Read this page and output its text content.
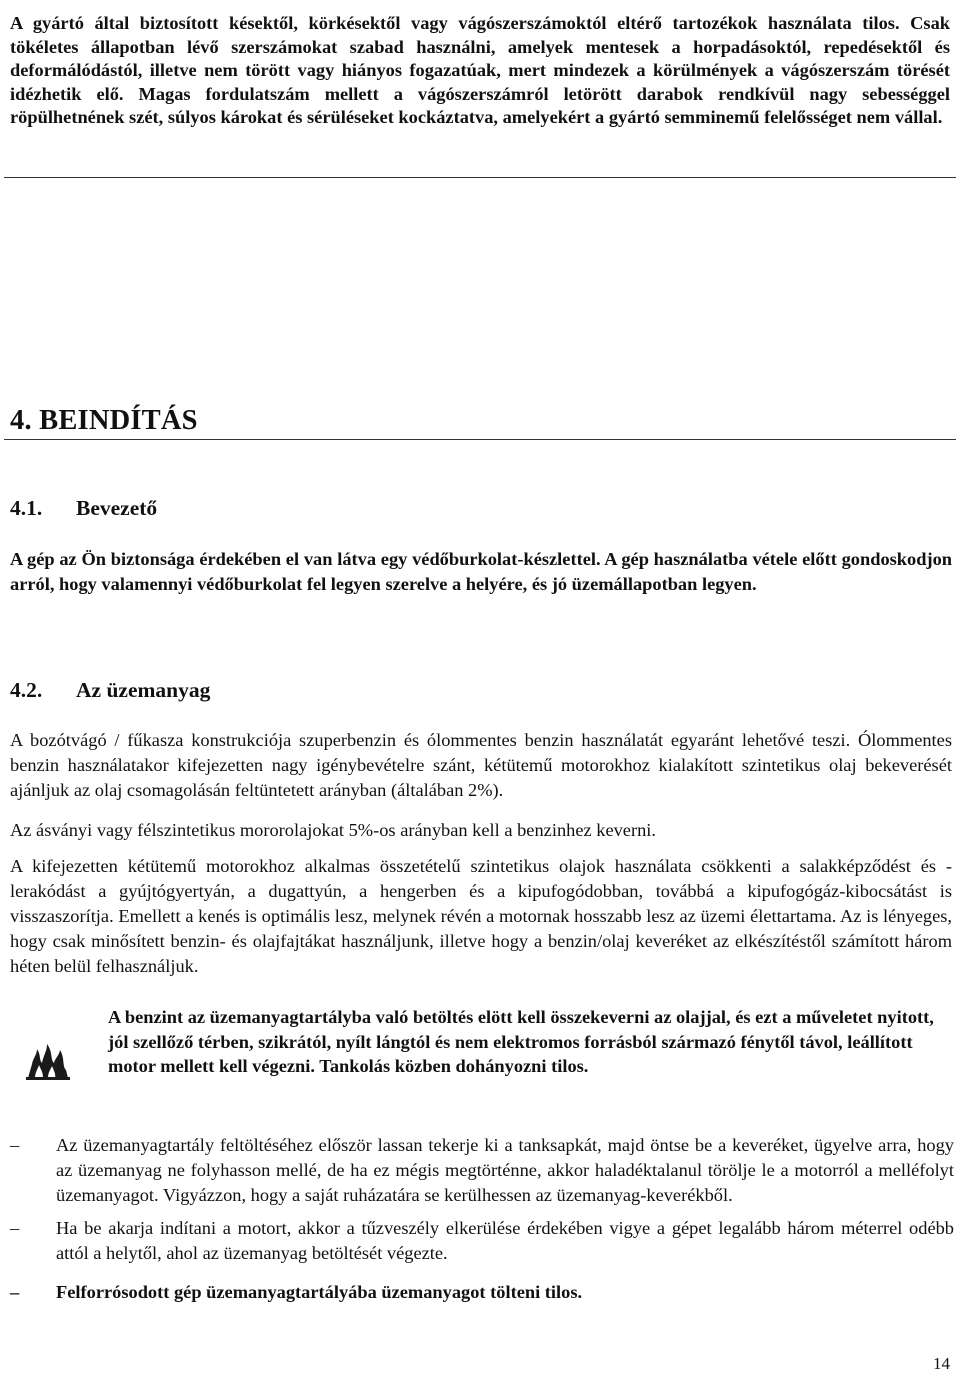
A gyártó által biztosított késektől, körkésektől vagy vágószerszámoktól eltérő tartozékok használata tilos. Csak tökéletes állapotban lévő szerszámokat szabad használni, amelyek mentesek a horpadásoktól, repedésektől és deformálódástól, illetve nem törött vagy hiányos fogazatúak, mert mindezek a körülmények a vágószerszám törését idézhetik elő. Magas fordulatszám mellett a vágószerszámról letörött darabok rendkívül nagy sebességgel röpülhetnének szét, súlyos károkat és sérüléseket kockáztatva, amelyekért a gyártó semminemű felelősséget nem vállal.
4. BEINDÍTÁS
4.1. Bevezető
A gép az Ön biztonsága érdekében el van látva egy védőburkolat-készlettel. A gép használatba vétele előtt gondoskodjon arról, hogy valamennyi védőburkolat fel legyen szerelve a helyére, és jó üzemállapotban legyen.
4.2. Az üzemanyag
A bozótvágó / fűkasza konstrukciója szuperbenzin és ólommentes benzin használatát egyaránt lehetővé teszi. Ólommentes benzin használatakor kifejezetten nagy igénybevételre szánt, kétütemű motorokhoz kialakított szintetikus olaj bekeverését ajánljuk az olaj csomagolásán feltüntetett arányban (általában 2%).
Az ásványi vagy félszintetikus mororolajokat 5%-os arányban kell a benzinhez keverni.
A kifejezetten kétütemű motorokhoz alkalmas összetételű szintetikus olajok használata csökkenti a salakképződést és -lerakódást a gyújtógyertyán, a dugattyún, a hengerben és a kipufogódobban, továbbá a kipufogógáz-kibocsátást is visszaszorítja. Emellett a kenés is optimális lesz, melynek révén a motornak hosszabb lesz az üzemi élettartama. Az is lényeges, hogy csak minősített benzin- és olajfajtákat használjunk, illetve hogy a benzin/olaj keveréket az elkészítéstől számított három héten belül felhasználjuk.
A benzint az üzemanyagtartályba való betöltés elött kell összekeverni az olajjal, és ezt a műveletet nyitott, jól szellőző térben, szikrától, nyílt lángtól és nem elektromos forrásból származó fénytől távol, leállított motor mellett kell végezni. Tankolás közben dohányozni tilos.
–	Az üzemanyagtartály feltöltéséhez először lassan tekerje ki a tanksapkát, majd öntse be a keveréket, ügyelve arra, hogy az üzemanyag ne folyhasson mellé, de ha ez mégis megtörténne, akkor haladéktalanul törölje le a motorról a melléfolyt üzemanyagot. Vigyázzon, hogy a saját ruházatára se kerülhessen az üzemanyag-keverékből.
–	Ha be akarja indítani a motort, akkor a tűzveszély elkerülése érdekében vigye a gépet legalább három méterrel odébb attól a helytől, ahol az üzemanyag betöltését végezte.
–	Felforrósodott gép üzemanyagtartályába üzemanyagot tölteni tilos.
14
